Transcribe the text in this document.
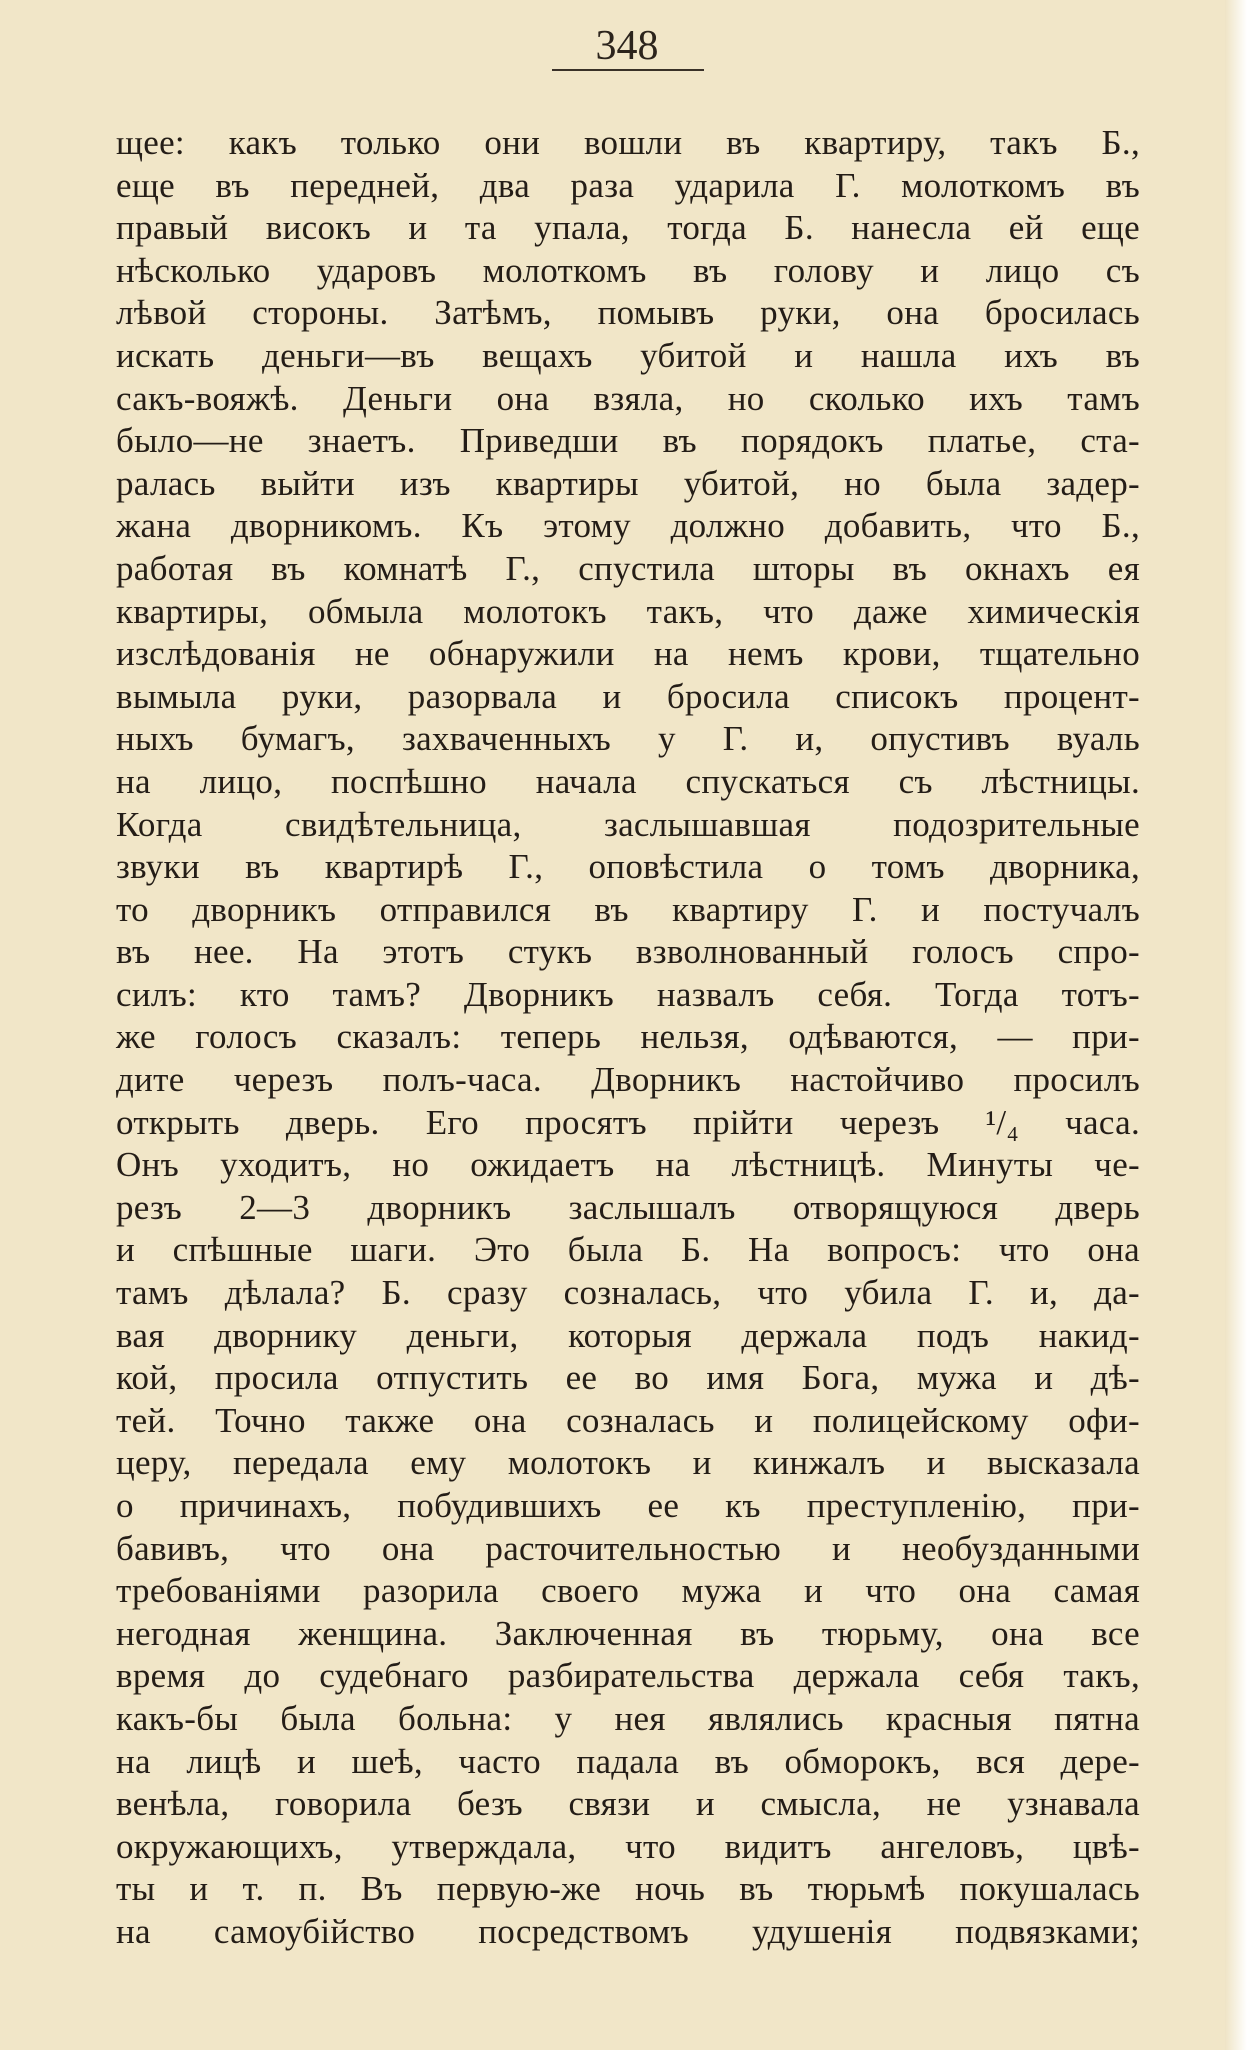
348
щее: какъ только они вошли въ квартиру, такъ Б.,
еще въ передней, два раза ударила Г. молоткомъ въ
правый високъ и та упала, тогда Б. нанесла ей еще
нѣсколько ударовъ молоткомъ въ голову и лицо съ
лѣвой стороны. Затѣмъ, помывъ руки, она бросилась
искать деньги—въ вещахъ убитой и нашла ихъ въ
сакъ-вояжѣ. Деньги она взяла, но сколько ихъ тамъ
было—не знаетъ. Приведши въ порядокъ платье, ста-
ралась выйти изъ квартиры убитой, но была задер-
жана дворникомъ. Къ этому должно добавить, что Б.,
работая въ комнатѣ Г., спустила шторы въ окнахъ ея
квартиры, обмыла молотокъ такъ, что даже химическія
изслѣдованія не обнаружили на немъ крови, тщательно
вымыла руки, разорвала и бросила списокъ процент-
ныхъ бумагъ, захваченныхъ у Г. и, опустивъ вуаль
на лицо, поспѣшно начала спускаться съ лѣстницы.
Когда свидѣтельница, заслышавшая подозрительные
звуки въ квартирѣ Г., оповѣстила о томъ дворника,
то дворникъ отправился въ квартиру Г. и постучалъ
въ нее. На этотъ стукъ взволнованный голосъ спро-
силъ: кто тамъ? Дворникъ назвалъ себя. Тогда тотъ-
же голосъ сказалъ: теперь нельзя, одѣваются, — при-
дите черезъ полъ-часа. Дворникъ настойчиво просилъ
открыть дверь. Его просятъ прійти черезъ ¹/₄ часа.
Онъ уходитъ, но ожидаетъ на лѣстницѣ. Минуты че-
резъ 2—3 дворникъ заслышалъ отворящуюся дверь
и спѣшные шаги. Это была Б. На вопросъ: что она
тамъ дѣлала? Б. сразу созналась, что убила Г. и, да-
вая дворнику деньги, которыя держала подъ накид-
кой, просила отпустить ее во имя Бога, мужа и дѣ-
тей. Точно также она созналась и полицейскому офи-
церу, передала ему молотокъ и кинжалъ и высказала
о причинахъ, побудившихъ ее къ преступленію, при-
бавивъ, что она расточительностью и необузданными
требованіями разорила своего мужа и что она самая
негодная женщина. Заключенная въ тюрьму, она все
время до судебнаго разбирательства держала себя такъ,
какъ-бы была больна: у нея являлись красныя пятна
на лицѣ и шеѣ, часто падала въ обморокъ, вся дере-
венѣла, говорила безъ связи и смысла, не узнавала
окружающихъ, утверждала, что видитъ ангеловъ, цвѣ-
ты и т. п. Въ первую-же ночь въ тюрьмѣ покушалась
на самоубійство посредствомъ удушенія подвязками;
